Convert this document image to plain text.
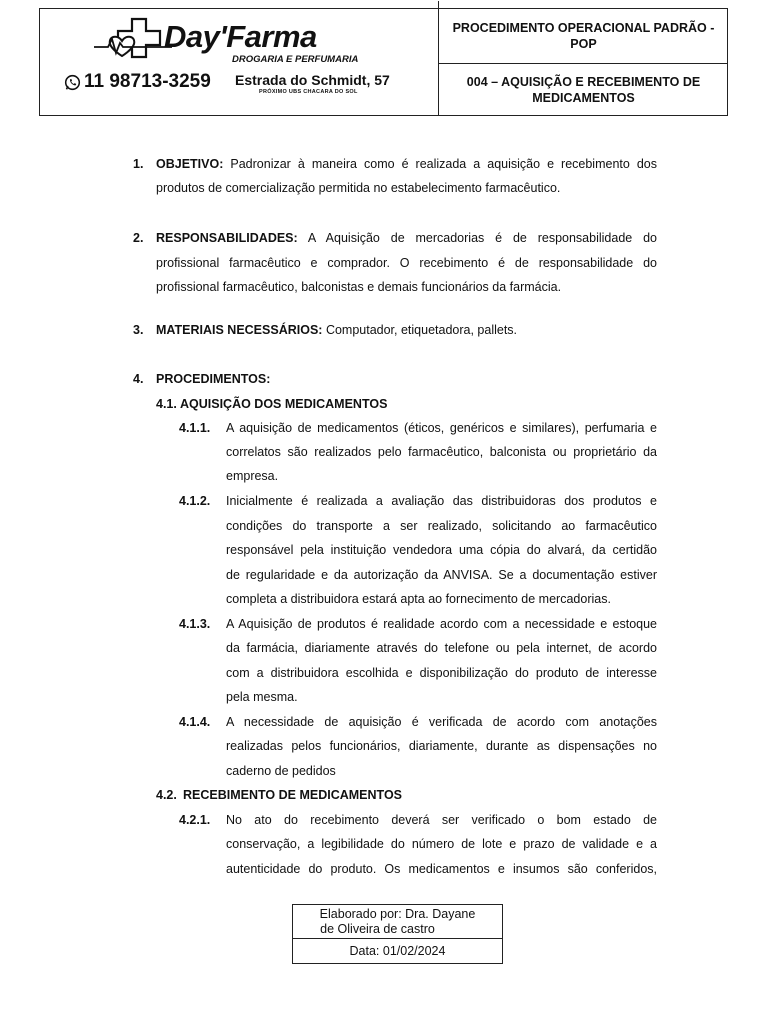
Day'Farma
DROGARIA E PERFUMARIA
11 98713-3259 Estrada do Schmidt, 57
PRÓXIMO UBS CHACARA DO SOL
PROCEDIMENTO OPERACIONAL PADRÃO - POP
004 – AQUISIÇÃO E RECEBIMENTO DE MEDICAMENTOS
1. OBJETIVO: Padronizar à maneira como é realizada a aquisição e recebimento dos
produtos de comercialização permitida no estabelecimento farmacêutico.
2. RESPONSABILIDADES: A Aquisição de mercadorias é de responsabilidade do
profissional farmacêutico e comprador. O recebimento é de responsabilidade do
profissional farmacêutico, balconistas e demais funcionários da farmácia.
3. MATERIAIS NECESSÁRIOS: Computador, etiquetadora, pallets.
4. PROCEDIMENTOS:
4.1. AQUISIÇÃO DOS MEDICAMENTOS
4.1.1. A aquisição de medicamentos (éticos, genéricos e similares), perfumaria e
correlatos são realizados pelo farmacêutico, balconista ou proprietário da
empresa.
4.1.2. Inicialmente é realizada a avaliação das distribuidoras dos produtos e
condições do transporte a ser realizado, solicitando ao farmacêutico
responsável pela instituição vendedora uma cópia do alvará, da certidão
de regularidade e da autorização da ANVISA. Se a documentação estiver
completa a distribuidora estará apta ao fornecimento de mercadorias.
4.1.3. A Aquisição de produtos é realidade acordo com a necessidade e estoque
da farmácia, diariamente através do telefone ou pela internet, de acordo
com a distribuidora escolhida e disponibilização do produto de interesse
pela mesma.
4.1.4. A necessidade de aquisição é verificada de acordo com anotações
realizadas pelos funcionários, diariamente, durante as dispensações no
caderno de pedidos
4.2. RECEBIMENTO DE MEDICAMENTOS
4.2.1. No ato do recebimento deverá ser verificado o bom estado de
conservação, a legibilidade do número de lote e prazo de validade e a
autenticidade do produto. Os medicamentos e insumos são conferidos,
Elaborado por: Dra. Dayane
de Oliveira de castro
Data: 01/02/2024
